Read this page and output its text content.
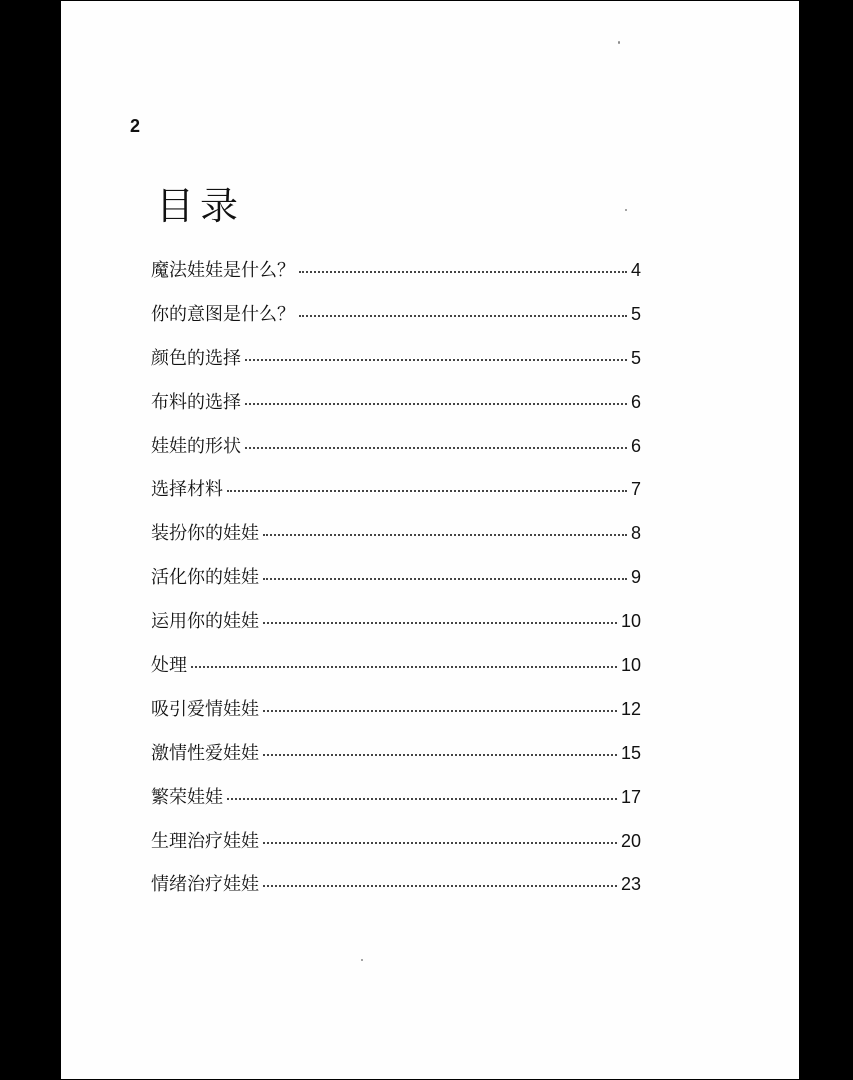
2
目录
魔法娃娃是什么？	4
你的意图是什么？	5
颜色的选择	5
布料的选择	6
娃娃的形状	6
选择材料	7
装扮你的娃娃	8
活化你的娃娃	9
运用你的娃娃	10
处理	10
吸引爱情娃娃	12
激情性爱娃娃	15
繁荣娃娃	17
生理治疗娃娃	20
情绪治疗娃娃	23
